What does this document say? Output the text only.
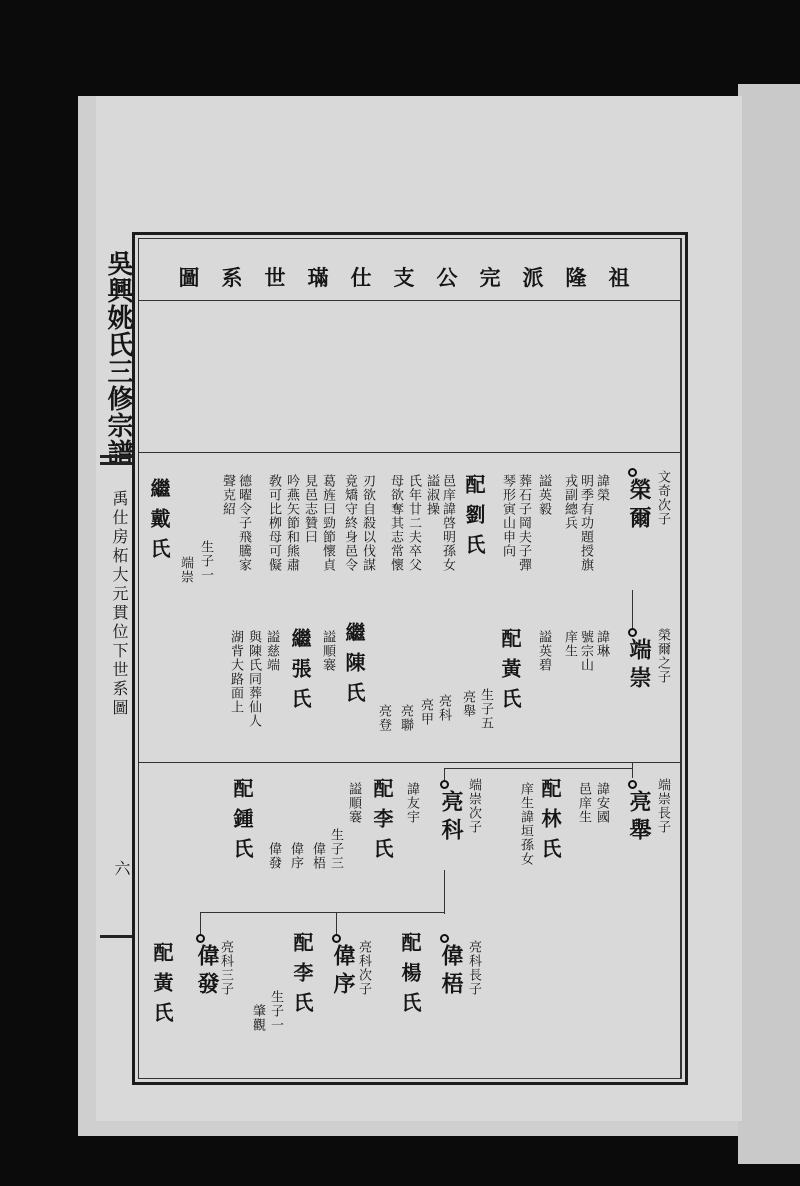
吳興姚氏三修宗譜
禹仕房柘大元貫位下世系圖
六
祖隆派完公支仕璊世系圖
文奇次子
榮爾
諱榮
明季有功題授旗
戎副總兵
謚英毅
葬石子岡夫子彈
琴形寅山申向
榮爾之子
端崇
諱琳
號宗山
庠生
謚英碧
配劉氏
邑庠諱啓明孫女
謚淑操
氏年廿二夫卒父
母欲奪其志常懷
刃欲自殺以伐謀
竟矯守終身邑令
葛旌曰勁節懷貞
見邑志贊曰
吟燕矢節和熊肅
敎可比栁母可儗
德曜令子飛騰家
聲克紹
生子一
端崇
配黃氏
生子五
亮舉
亮科
亮甲
亮聯
亮登
繼戴氏
繼陳氏
謚順褰
繼張氏
謚慈端
與陳氏同葬仙人
湖背大路面上
端崇長子
亮舉
諱安國
邑庠生
配林氏
庠生諱垣孫女
端崇次子
亮科
諱友宇
配李氏
謚順褰
生子三
偉梧
偉序
偉發
配鍾氏
亮科長子
偉梧
配楊氏
亮科次子
偉序
配李氏
生子一
肇觀
亮科三子
偉發
配黃氏
